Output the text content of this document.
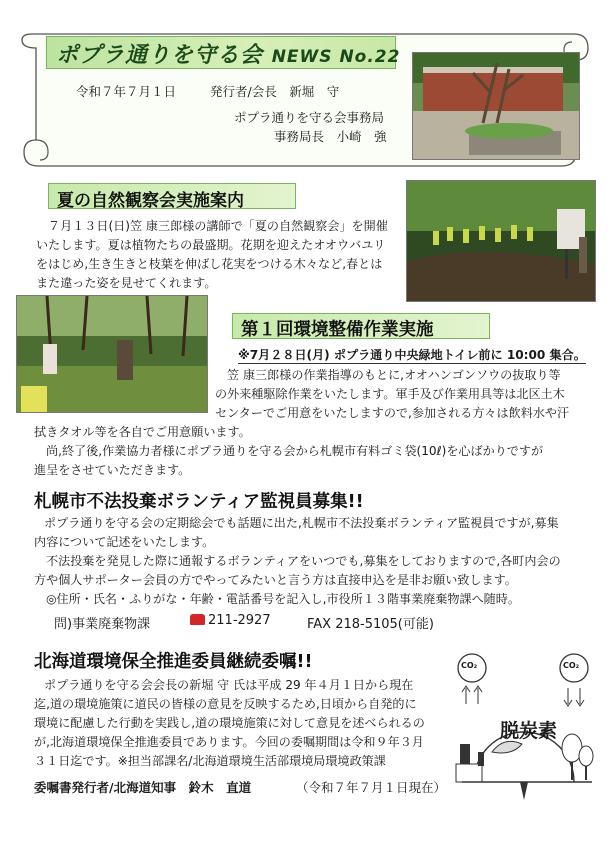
ポプラ通りを守る会 NEWS No.22
令和７年７月１日	発行者/会長　新堀　守
ポプラ通りを守る会事務局
事務局長　小崎　強
夏の自然観察会実施案内

７月１３日(日)笠 康三郎様の講師で「夏の自然観察会」を開催

いたします。夏は植物たちの最盛期。花期を迎えたオオウバユリ

をはじめ,生き生きと枝葉を伸ばし花実をつける木々など,春とは

また違った姿を見せてくれます。

第１回環境整備作業実施
※7月２８日(月) ポプラ通り中央緑地トイレ前に 10:00 集合。

笠 康三郎様の作業指導のもとに,オオハンゴンソウの抜取り等

の外来種駆除作業をいたします。軍手及び作業用具等は北区土木

センターでご用意をいたしますので,参加される方々は飲料水や汗

拭きタオル等を各自でご用意願います。

尚,終了後,作業協力者様にポプラ通りを守る会から札幌市有料ゴミ袋(10ℓ)を心ばかりですが

進呈をさせていただきます。

札幌市不法投棄ボランティア監視員募集!!

ポプラ通りを守る会の定期総会でも話題に出た,札幌市不法投棄ボランティア監視員ですが,募集

内容について記述をいたします。

不法投棄を発見した際に通報するボランティアをいつでも,募集をしておりますので,各町内会の

方や個人サポーター会員の方でやってみたいと言う方は直接申込を是非お願い致します。

◎住所・氏名・ふりがな・年齢・電話番号を記入し,市役所１３階事業廃棄物課へ随時。

問)事業廃棄物課	211-2927	FAX 218-5105(可能)
北海道環境保全推進委員継続委嘱!!

ポプラ通りを守る会会長の新堀 守 氏は平成 29 年４月１日から現在

迄,道の環境施策に道民の皆様の意見を反映するため,日頃から自発的に

環境に配慮した行動を実践し,道の環境施策に対して意見を述べられるの

が,北海道環境保全推進委員であります。今回の委嘱期間は令和９年３月

３１日迄です。※担当部課名/北海道環境生活部環境局環境政策課

委嘱書発行者/北海道知事　鈴木　直道	（令和７年７月１日現在）
CO₂	CO₂
脱炭素
